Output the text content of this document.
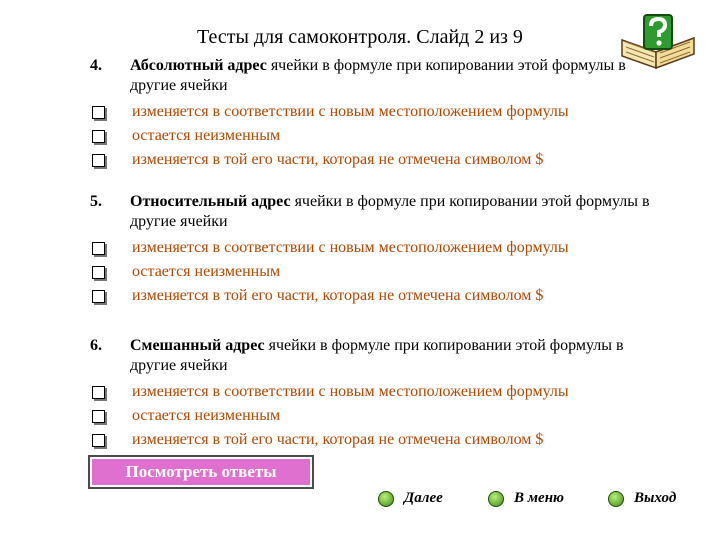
Тесты для самоконтроля. Слайд 2 из 9
4.	Абсолютный адрес ячейки в формуле при копировании этой формулы в другие ячейки
изменяется в соответствии с новым местоположением формулы
остается неизменным
изменяется в той его части, которая не отмечена символом $
5.	Относительный адрес ячейки в формуле при копировании этой формулы в другие ячейки
изменяется в соответствии с новым местоположением формулы
остается неизменным
изменяется в той его части, которая не отмечена символом $
6.	Смешанный адрес ячейки в формуле при копировании этой формулы в другие ячейки
изменяется в соответствии с новым местоположением формулы
остается неизменным
изменяется в той его части, которая не отмечена символом $
Посмотреть ответы
Далее	В меню	Выход
